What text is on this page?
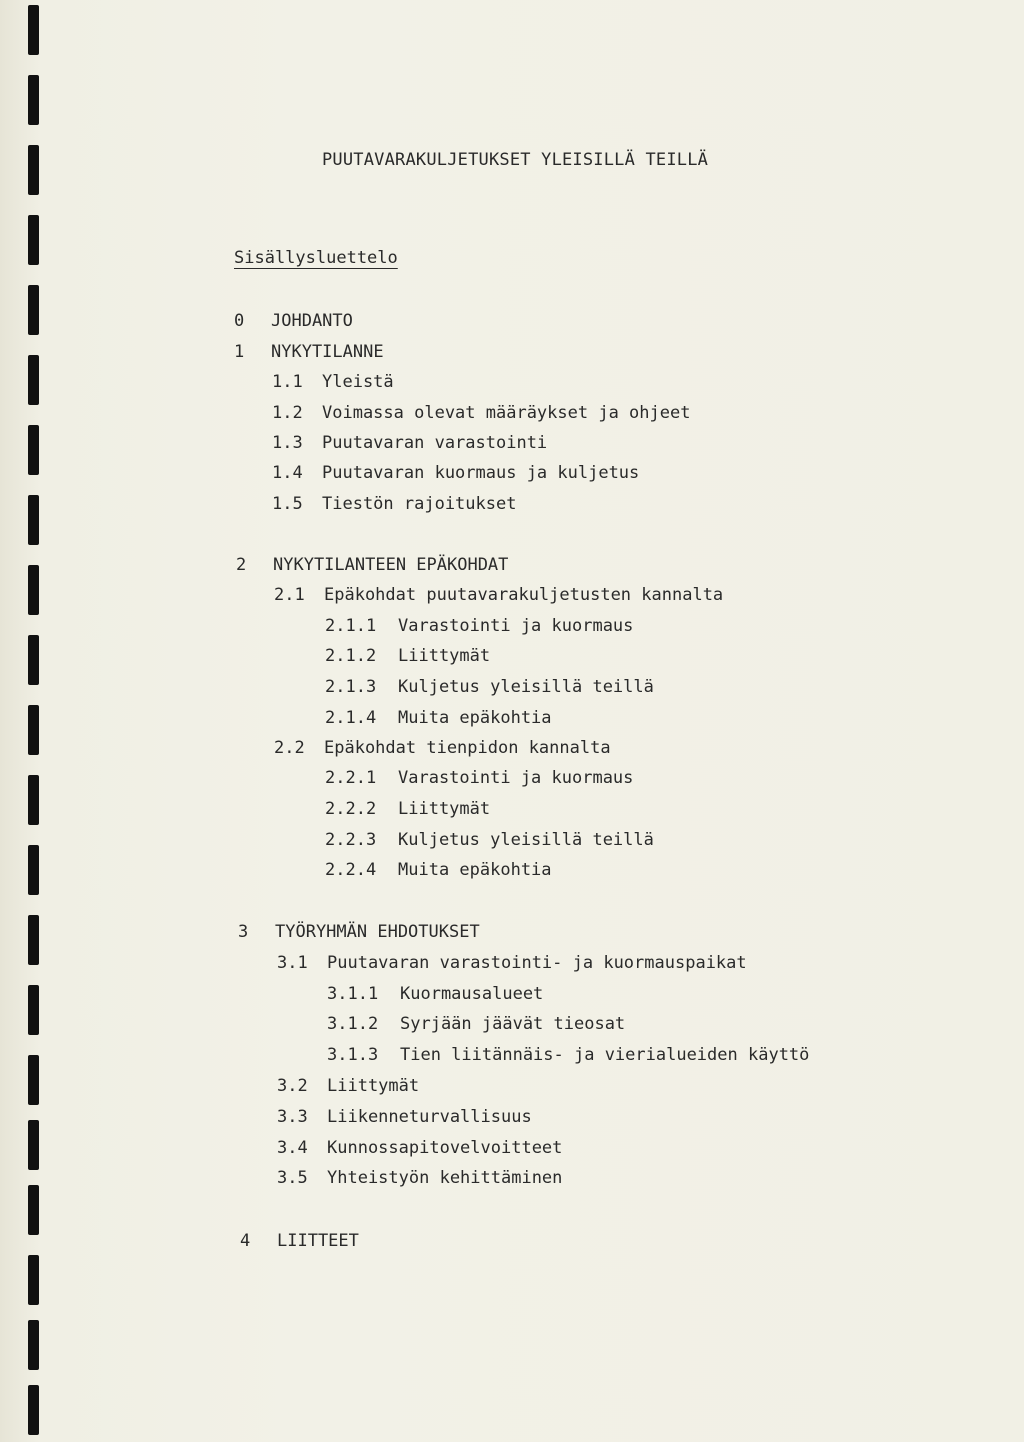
PUUTAVARAKULJETUKSET YLEISILLÄ TEILLÄ
Sisällysluettelo
0 JOHDANTO
1 NYKYTILANNE
1.1 Yleistä
1.2 Voimassa olevat määräykset ja ohjeet
1.3 Puutavaran varastointi
1.4 Puutavaran kuormaus ja kuljetus
1.5 Tiestön rajoitukset
2 NYKYTILANTEEN EPÄKOHDAT
2.1 Epäkohdat puutavarakuljetusten kannalta
2.1.1 Varastointi ja kuormaus
2.1.2 Liittymät
2.1.3 Kuljetus yleisillä teillä
2.1.4 Muita epäkohtia
2.2 Epäkohdat tienpidon kannalta
2.2.1 Varastointi ja kuormaus
2.2.2 Liittymät
2.2.3 Kuljetus yleisillä teillä
2.2.4 Muita epäkohtia
3 TYÖRYHMÄN EHDOTUKSET
3.1 Puutavaran varastointi- ja kuormauspaikat
3.1.1 Kuormausalueet
3.1.2 Syrjään jäävät tieosat
3.1.3 Tien liitännäis- ja vierialueiden käyttö
3.2 Liittymät
3.3 Liikenneturvallisuus
3.4 Kunnossapitovelvoitteet
3.5 Yhteistyön kehittäminen
4 LIITTEET
